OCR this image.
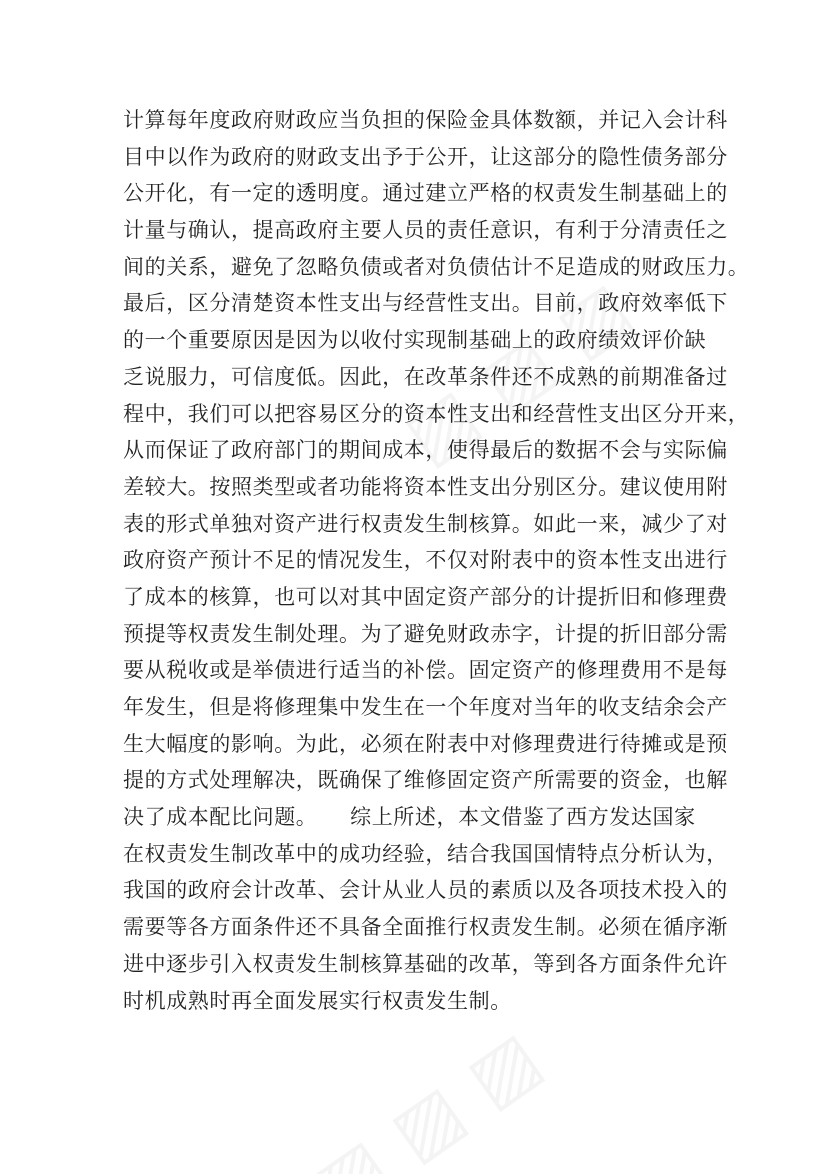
计算每年度政府财政应当负担的保险金具体数额，并记入会计科
目中以作为政府的财政支出予于公开，让这部分的隐性债务部分
公开化，有一定的透明度。通过建立严格的权责发生制基础上的
计量与确认，提高政府主要人员的责任意识，有利于分清责任之
间的关系，避免了忽略负债或者对负债估计不足造成的财政压力。
最后，区分清楚资本性支出与经营性支出。目前，政府效率低下
的一个重要原因是因为以收付实现制基础上的政府绩效评价缺
乏说服力，可信度低。因此，在改革条件还不成熟的前期准备过
程中，我们可以把容易区分的资本性支出和经营性支出区分开来，
从而保证了政府部门的期间成本，使得最后的数据不会与实际偏
差较大。按照类型或者功能将资本性支出分别区分。建议使用附
表的形式单独对资产进行权责发生制核算。如此一来，减少了对
政府资产预计不足的情况发生，不仅对附表中的资本性支出进行
了成本的核算，也可以对其中固定资产部分的计提折旧和修理费
预提等权责发生制处理。为了避免财政赤字，计提的折旧部分需
要从税收或是举债进行适当的补偿。固定资产的修理费用不是每
年发生，但是将修理集中发生在一个年度对当年的收支结余会产
生大幅度的影响。为此，必须在附表中对修理费进行待摊或是预
提的方式处理解决，既确保了维修固定资产所需要的资金，也解
决了成本配比问题。　　综上所述，本文借鉴了西方发达国家
在权责发生制改革中的成功经验，结合我国国情特点分析认为，
我国的政府会计改革、会计从业人员的素质以及各项技术投入的
需要等各方面条件还不具备全面推行权责发生制。必须在循序渐
进中逐步引入权责发生制核算基础的改革，等到各方面条件允许
时机成熟时再全面发展实行权责发生制。
